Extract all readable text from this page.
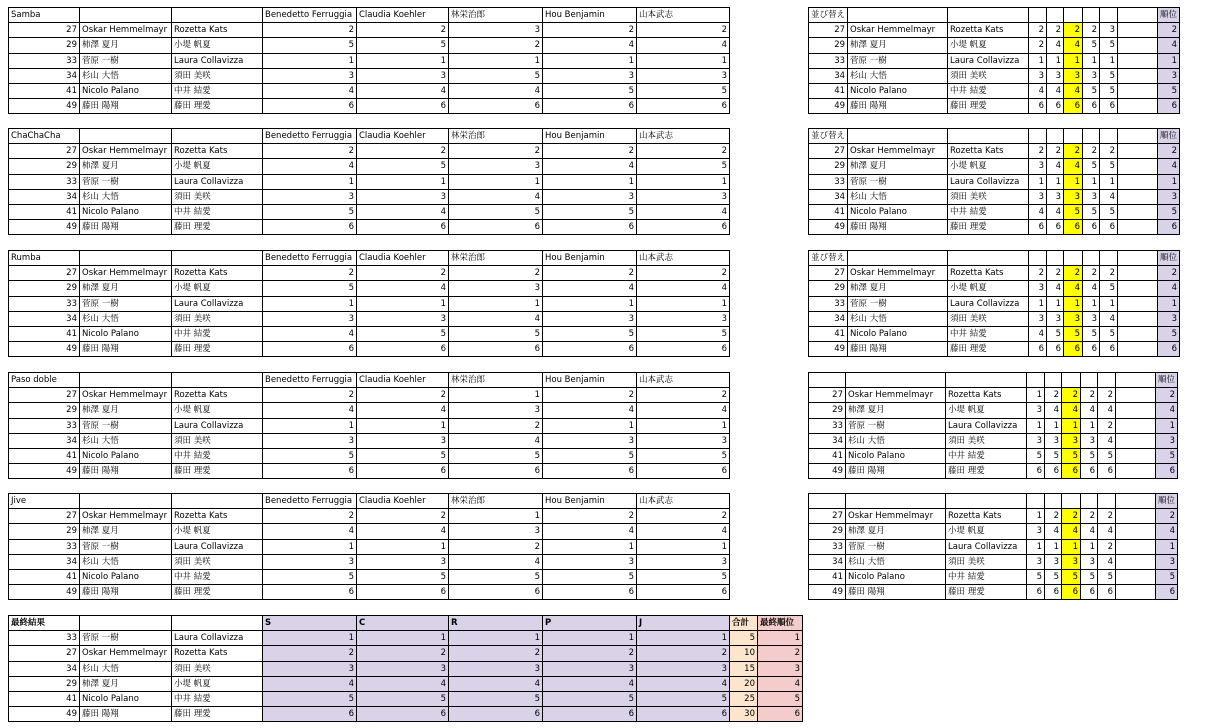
Samba			Benedetto Ferruggia	Claudia Koehler	林栄治郎	Hou Benjamin	山本武志
27	Oskar Hemmelmayr	Rozetta Kats	2	2	3	2	2
29	柿澤 夏月	小堤 帆夏	5	5	2	4	4
33	菅原 一樹	Laura Collavizza	1	1	1	1	1
34	杉山 大悟	須田 美咲	3	3	5	3	3
41	Nicolo Palano	中井 結愛	4	4	4	5	5
49	藤田 陽翔	藤田 理愛	6	6	6	6	6
並び替え									順位
27	Oskar Hemmelmayr	Rozetta Kats	2	2	2	2	3		2
29	柿澤 夏月	小堤 帆夏	2	4	4	5	5		4
33	菅原 一樹	Laura Collavizza	1	1	1	1	1		1
34	杉山 大悟	須田 美咲	3	3	3	3	5		3
41	Nicolo Palano	中井 結愛	4	4	4	5	5		5
49	藤田 陽翔	藤田 理愛	6	6	6	6	6		6
ChaChaCha			Benedetto Ferruggia	Claudia Koehler	林栄治郎	Hou Benjamin	山本武志
27	Oskar Hemmelmayr	Rozetta Kats	2	2	2	2	2
29	柿澤 夏月	小堤 帆夏	4	5	3	4	5
33	菅原 一樹	Laura Collavizza	1	1	1	1	1
34	杉山 大悟	須田 美咲	3	3	4	3	3
41	Nicolo Palano	中井 結愛	5	4	5	5	4
49	藤田 陽翔	藤田 理愛	6	6	6	6	6
並び替え									順位
27	Oskar Hemmelmayr	Rozetta Kats	2	2	2	2	2		2
29	柿澤 夏月	小堤 帆夏	3	4	4	5	5		4
33	菅原 一樹	Laura Collavizza	1	1	1	1	1		1
34	杉山 大悟	須田 美咲	3	3	3	3	4		3
41	Nicolo Palano	中井 結愛	4	4	5	5	5		5
49	藤田 陽翔	藤田 理愛	6	6	6	6	6		6
Rumba			Benedetto Ferruggia	Claudia Koehler	林栄治郎	Hou Benjamin	山本武志
27	Oskar Hemmelmayr	Rozetta Kats	2	2	2	2	2
29	柿澤 夏月	小堤 帆夏	5	4	3	4	4
33	菅原 一樹	Laura Collavizza	1	1	1	1	1
34	杉山 大悟	須田 美咲	3	3	4	3	3
41	Nicolo Palano	中井 結愛	4	5	5	5	5
49	藤田 陽翔	藤田 理愛	6	6	6	6	6
並び替え									順位
27	Oskar Hemmelmayr	Rozetta Kats	2	2	2	2	2		2
29	柿澤 夏月	小堤 帆夏	3	4	4	4	5		4
33	菅原 一樹	Laura Collavizza	1	1	1	1	1		1
34	杉山 大悟	須田 美咲	3	3	3	3	4		3
41	Nicolo Palano	中井 結愛	4	5	5	5	5		5
49	藤田 陽翔	藤田 理愛	6	6	6	6	6		6
Paso doble			Benedetto Ferruggia	Claudia Koehler	林栄治郎	Hou Benjamin	山本武志
27	Oskar Hemmelmayr	Rozetta Kats	2	2	1	2	2
29	柿澤 夏月	小堤 帆夏	4	4	3	4	4
33	菅原 一樹	Laura Collavizza	1	1	2	1	1
34	杉山 大悟	須田 美咲	3	3	4	3	3
41	Nicolo Palano	中井 結愛	5	5	5	5	5
49	藤田 陽翔	藤田 理愛	6	6	6	6	6
									順位
27	Oskar Hemmelmayr	Rozetta Kats	1	2	2	2	2		2
29	柿澤 夏月	小堤 帆夏	3	4	4	4	4		4
33	菅原 一樹	Laura Collavizza	1	1	1	1	2		1
34	杉山 大悟	須田 美咲	3	3	3	3	4		3
41	Nicolo Palano	中井 結愛	5	5	5	5	5		5
49	藤田 陽翔	藤田 理愛	6	6	6	6	6		6
Jive			Benedetto Ferruggia	Claudia Koehler	林栄治郎	Hou Benjamin	山本武志
27	Oskar Hemmelmayr	Rozetta Kats	2	2	1	2	2
29	柿澤 夏月	小堤 帆夏	4	4	3	4	4
33	菅原 一樹	Laura Collavizza	1	1	2	1	1
34	杉山 大悟	須田 美咲	3	3	4	3	3
41	Nicolo Palano	中井 結愛	5	5	5	5	5
49	藤田 陽翔	藤田 理愛	6	6	6	6	6
									順位
27	Oskar Hemmelmayr	Rozetta Kats	1	2	2	2	2		2
29	柿澤 夏月	小堤 帆夏	3	4	4	4	4		4
33	菅原 一樹	Laura Collavizza	1	1	1	1	2		1
34	杉山 大悟	須田 美咲	3	3	3	3	4		3
41	Nicolo Palano	中井 結愛	5	5	5	5	5		5
49	藤田 陽翔	藤田 理愛	6	6	6	6	6		6
最終結果			S	C	R	P	J	合計	最終順位
33	菅原 一樹	Laura Collavizza	1	1	1	1	1	5	1
27	Oskar Hemmelmayr	Rozetta Kats	2	2	2	2	2	10	2
34	杉山 大悟	須田 美咲	3	3	3	3	3	15	3
29	柿澤 夏月	小堤 帆夏	4	4	4	4	4	20	4
41	Nicolo Palano	中井 結愛	5	5	5	5	5	25	5
49	藤田 陽翔	藤田 理愛	6	6	6	6	6	30	6
